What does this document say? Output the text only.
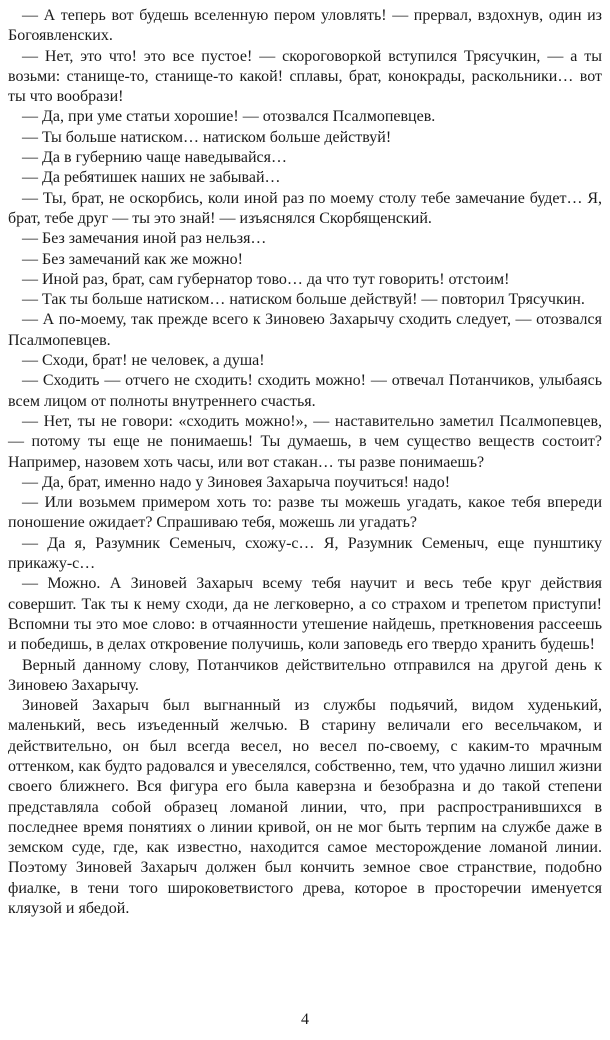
— А теперь вот будешь вселенную пером уловлять! — прервал, вздохнув, один из Богоявленских.

— Нет, это что! это все пустое! — скороговоркой вступился Трясучкин, — а ты возьми: станище-то, станище-то какой! сплавы, брат, конокрады, раскольники… вот ты что вообрази!

— Да, при уме статьи хорошие! — отозвался Псалмопевцев.

— Ты больше натиском… натиском больше действуй!

— Да в губернию чаще наведывайся…

— Да ребятишек наших не забывай…

— Ты, брат, не оскорбись, коли иной раз по моему столу тебе замечание будет… Я, брат, тебе друг — ты это знай! — изъяснялся Скорбященский.

— Без замечания иной раз нельзя…

— Без замечаний как же можно!

— Иной раз, брат, сам губернатор тово… да что тут говорить! отстоим!

— Так ты больше натиском… натиском больше действуй! — повторил Трясучкин.

— А по-моему, так прежде всего к Зиновею Захарычу сходить следует, — отозвался Псалмопевцев.

— Сходи, брат! не человек, а душа!

— Сходить — отчего не сходить! сходить можно! — отвечал Потанчиков, улыбаясь всем лицом от полноты внутреннего счастья.

— Нет, ты не говори: «сходить можно!», — наставительно заметил Псалмопевцев, — потому ты еще не понимаешь! Ты думаешь, в чем существо веществ состоит? Например, назовем хоть часы, или вот стакан… ты разве понимаешь?

— Да, брат, именно надо у Зиновея Захарыча поучиться! надо!

— Или возьмем примером хоть то: разве ты можешь угадать, какое тебя впереди поношение ожидает? Спрашиваю тебя, можешь ли угадать?

— Да я, Разумник Семеныч, схожу-с… Я, Разумник Семеныч, еще пунштику прикажу-с…

— Можно. А Зиновей Захарыч всему тебя научит и весь тебе круг действия совершит. Так ты к нему сходи, да не легковерно, а со страхом и трепетом приступи! Вспомни ты это мое слово: в отчаянности утешение найдешь, преткновения рассеешь и победишь, в делах откровение получишь, коли заповедь его твердо хранить будешь!

Верный данному слову, Потанчиков действительно отправился на другой день к Зиновею Захарычу.

Зиновей Захарыч был выгнанный из службы подьячий, видом худенький, маленький, весь изъеденный желчью. В старину величали его весельчаком, и действительно, он был всегда весел, но весел по-своему, с каким-то мрачным оттенком, как будто радовался и увеселялся, собственно, тем, что удачно лишил жизни своего ближнего. Вся фигура его была каверзна и безобразна и до такой степени представляла собой образец ломаной линии, что, при распространившихся в последнее время понятиях о линии кривой, он не мог быть терпим на службе даже в земском суде, где, как известно, находится самое месторождение ломаной линии. Поэтому Зиновей Захарыч должен был кончить земное свое странствие, подобно фиалке, в тени того широковетвистого древа, которое в просторечии именуется кляузой и ябедой.

4
